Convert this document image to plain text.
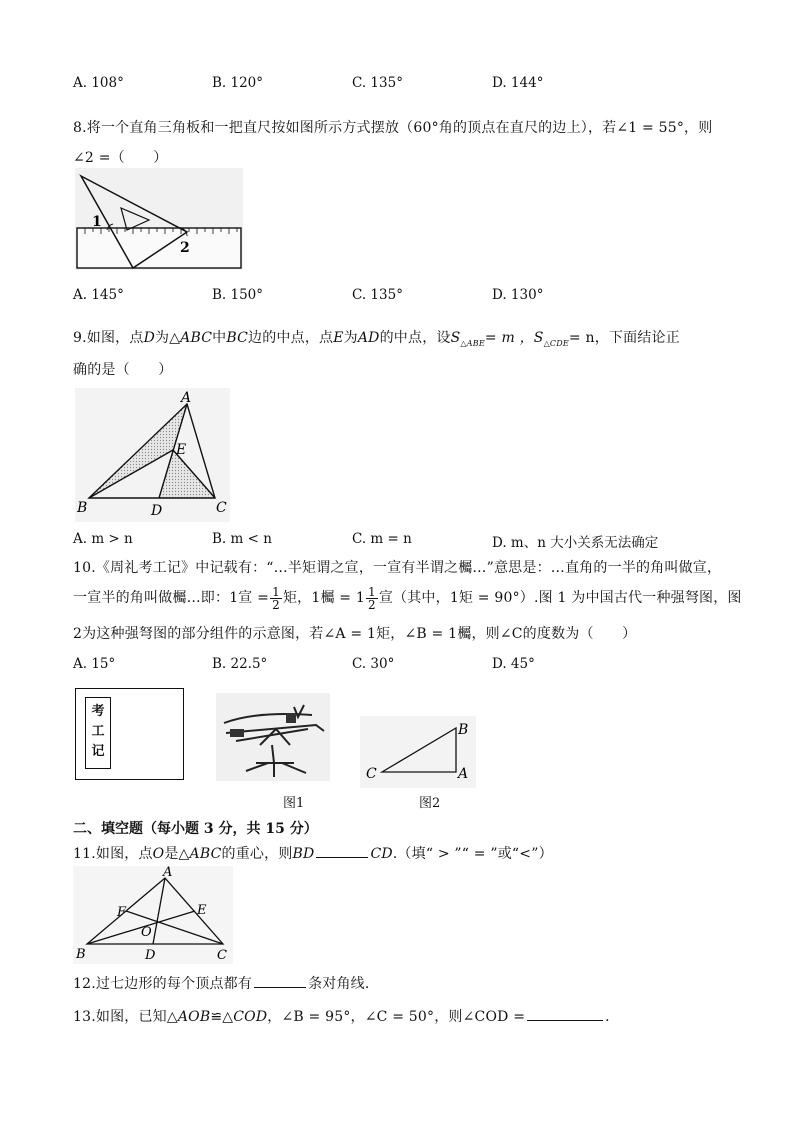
A. 108°	B. 120°	C. 135°	D. 144°
8.将一个直角三角板和一把直尺按如图所示方式摆放（60°角的顶点在直尺的边上），若∠1 = 55°，则
∠2 =（　　）
1
2
A. 145°	B. 150°	C. 135°	D. 130°
9.如图，点D为△ABC中BC边的中点，点E为AD的中点，设$S_{\triangle ABE}= m$ ，$S_{\triangle CDE}= n$，下面结论正
确的是（　　）
A
B	C
D
E
A. m > n	B. m < n	C. m = n	D. m、n 大小关系无法确定
10.《周礼考工记》中记载有：“…半矩谓之宣，一宣有半谓之欘…”意思是：…直角的一半的角叫做宣，
一宣半的角叫做欘…即：1宣 = $\frac{1}{2}$ 矩，1欘 = $1 \frac{1}{2}$ 宣（其中，1矩 = 90°）.图 1 为中国古代一种强弩图，图
2为这种强弩图的部分组件的示意图，若∠A = 1矩，∠B = 1欘，则∠C的度数为（　　）
A. 15°	B. 22.5°	C. 30°	D. 45°
考工记
B
A
C
图1	图2
二、填空题（每小题 3 分，共 15 分）
11.如图，点O是△ABC的重心，则BD	CD.（填“ > ”“ = ”或“<”）
A
B	C
D
E
F
O
12.过七边形的每个顶点都有	条对角线.
13.如图，已知△AOB≌△COD，∠B = 95°，∠C = 50°，则∠COD =	.
